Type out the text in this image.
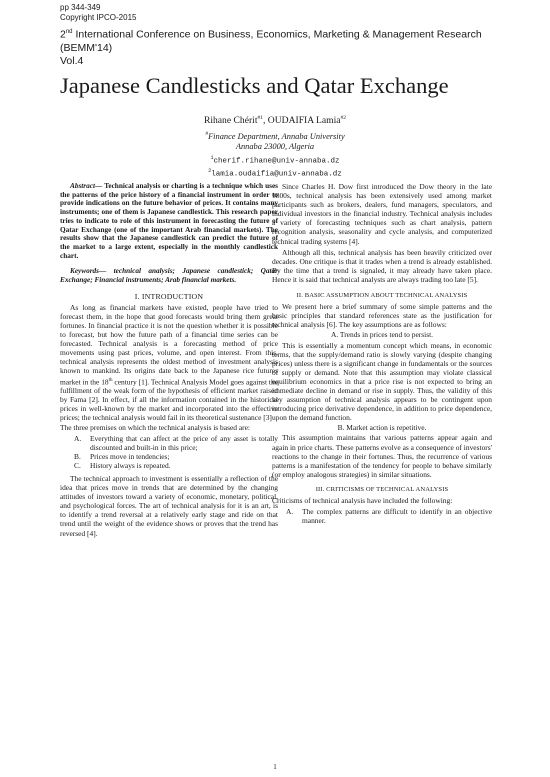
pp 344-349
Copyright IPCO-2015
2nd International Conference on Business, Economics, Marketing & Management Research (BEMM'14)
Vol.4
Japanese Candlesticks and Qatar Exchange
Rihane Chérit$^{\#1}$, OUDAIFIA Lamia$^{\#2}$
#Finance Department, Annaba University
Annaba 23000, Algeria
$^1$cherif.rihane@univ-annaba.dz
$^2$lamia.oudaifia@univ-annaba.dz

Abstract— Technical analysis or charting is a technique which uses the patterns of the price history of a financial instrument in order to provide indications on the future behavior of prices. It contains many instruments; one of them is Japanese candlestick. This research paper tries to indicate to role of this instrument in forecasting the future of Qatar Exchange (one of the important Arab financial markets). The results show that the Japanese candlestick can predict the future of the market to a large extent, especially in the monthly candlestick chart.

Keywords— technical analysis; Japanese candlestick; Qatar Exchange; Financial instruments; Arab financial markets.

I. INTRODUCTION

As long as financial markets have existed, people have tried to forecast them, in the hope that good forecasts would bring them great fortunes. In financial practice it is not the question whether it is possible to forecast, but how the future path of a financial time series can be forecasted. Technical analysis is a forecasting method of price movements using past prices, volume, and open interest. From this, technical analysis represents the oldest method of investment analysis known to mankind. Its origins date back to the Japanese rice futures market in the 18th century [1]. Technical Analysis Model goes against the fulfillment of the weak form of the hypothesis of efficient market raised by Fama [2]. In effect, if all the information contained in the historical prices in well-known by the market and incorporated into the effective prices; the technical analysis would fail in its theoretical sustenance [3]

The three premises on which the technical analysis is based are:

A. Everything that can affect at the price of any asset is totally discounted and built-in in this price;
B. Prices move in tendencies;
C. History always is repeated.

The technical approach to investment is essentially a reflection of the idea that prices move in trends that are determined by the changing attitudes of investors toward a variety of economic, monetary, political, and psychological forces. The art of technical analysis for it is an art, is to identify a trend reversal at a relatively early stage and ride on that trend until the weight of the evidence shows or proves that the trend has reversed [4].

Since Charles H. Dow first introduced the Dow theory in the late 1800s, technical analysis has been extensively used among market participants such as brokers, dealers, fund managers, speculators, and individual investors in the financial industry. Technical analysis includes a variety of forecasting techniques such as chart analysis, pattern recognition analysis, seasonality and cycle analysis, and computerized technical trading systems [4].

Although all this, technical analysis has been heavily criticized over decades. One critique is that it trades when a trend is already established. By the time that a trend is signaled, it may already have taken place. Hence it is said that technical analysts are always trading too late [5].

II. BASIC ASSUMPTION ABOUT TECHNICAL ANALYSIS

We present here a brief summary of some simple patterns and the basic principles that standard references state as the justification for technical analysis [6]. The key assumptions are as follows:

A. Trends in prices tend to persist.

This is essentially a momentum concept which means, in economic terms, that the supply/demand ratio is slowly varying (despite changing prices) unless there is a significant change in fundamentals or the sources of supply or demand. Note that this assumption may violate classical equilibrium economics in that a price rise is not expected to bring an immediate decline in demand or rise in supply. Thus, the validity of this key assumption of technical analysis appears to be contingent upon introducing price derivative dependence, in addition to price dependence, upon the demand function.

B. Market action is repetitive.

This assumption maintains that various patterns appear again and again in price charts. These patterns evolve as a consequence of investors' reactions to the change in their fortunes. Thus, the recurrence of various patterns is a manifestation of the tendency for people to behave similarly (or employ analogous strategies) in similar situations.

III. CRITICISMS OF TECHNICAL ANALYSIS

Criticisms of technical analysis have included the following:

A. The complex patterns are difficult to identify in an objective manner.
1
